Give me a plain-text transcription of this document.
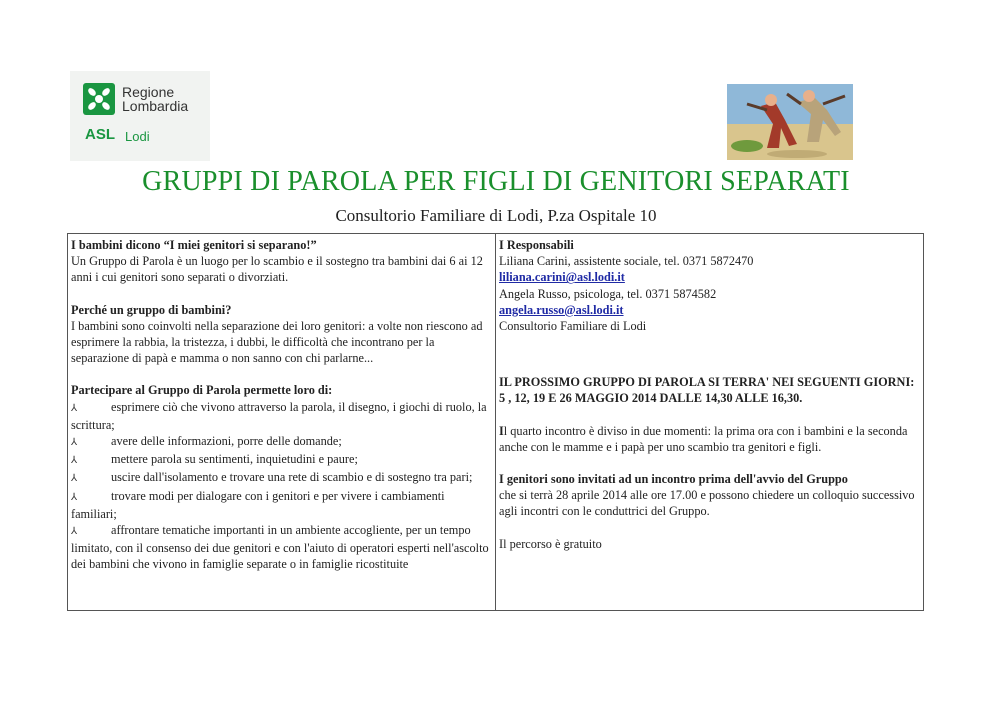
Regione
Lombardia
ASL Lodi
GRUPPI DI PAROLA PER FIGLI DI GENITORI SEPARATI
Consultorio Familiare di Lodi, P.za Ospitale 10
I bambini dicono “I miei genitori si separano!”
Un Gruppo di Parola è un luogo per lo scambio e il sostegno tra bambini dai 6 ai 12 anni i cui genitori sono separati o divorziati.
Perché un gruppo di bambini?
I bambini sono coinvolti nella separazione dei loro genitori: a volte non riescono ad esprimere la rabbia, la tristezza, i dubbi, le difficoltà che incontrano per la separazione di papà e mamma o non sanno con chi parlarne...
Partecipare al Gruppo di Parola permette loro di:
⅄	esprimere ciò che vivono attraverso la parola, il disegno, i giochi di ruolo, la scrittura;
⅄	avere delle informazioni, porre delle domande;
⅄	mettere parola su sentimenti, inquietudini e paure;
⅄	uscire dall'isolamento e trovare una rete di scambio e di sostegno tra pari;
⅄	trovare modi per dialogare con i genitori e per vivere i cambiamenti familiari;
⅄	affrontare tematiche importanti in un ambiente accogliente, per un tempo limitato, con il consenso dei due genitori e con l'aiuto di operatori esperti nell'ascolto dei bambini che vivono in famiglie separate o in famiglie ricostituite
I Responsabili
Liliana Carini, assistente sociale, tel. 0371 5872470
liliana.carini@asl.lodi.it
Angela Russo, psicologa, tel. 0371 5874582
angela.russo@asl.lodi.it
Consultorio Familiare di Lodi
IL PROSSIMO GRUPPO DI PAROLA SI TERRA' NEI SEGUENTI GIORNI: 5 , 12, 19 E 26 MAGGIO 2014 DALLE 14,30 ALLE 16,30.
Il quarto incontro è diviso in due momenti: la prima ora con i bambini e la seconda anche con le mamme e i papà per uno scambio tra genitori e figli.
I genitori sono invitati ad un incontro prima dell'avvio del Gruppo
che si terrà 28 aprile 2014 alle ore 17.00 e possono chiedere un colloquio successivo agli incontri con le conduttrici del Gruppo.
Il percorso è gratuito
